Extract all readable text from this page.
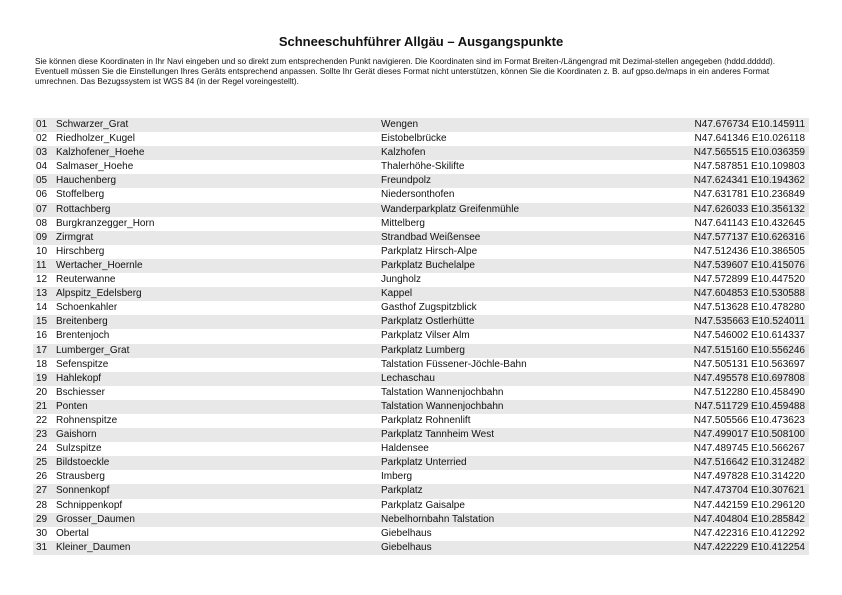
Schneeschuhführer Allgäu – Ausgangspunkte

Sie können diese Koordinaten in Ihr Navi eingeben und so direkt zum entsprechenden Punkt navigieren. Die Koordinaten sind im Format Breiten-/Längengrad mit Dezimal-stellen angegeben (hddd.ddddd).

Eventuell müssen Sie die Einstellungen Ihres Geräts entsprechend anpassen. Sollte Ihr Gerät dieses Format nicht unterstützen, können Sie die Koordinaten z. B. auf gpso.de/maps in ein anderes Format umrechnen. Das Bezugssystem ist WGS 84 (in der Regel voreingestellt).

01 Schwarzer_Grat	Wengen	N47.676734 E10.145911
02 Riedholzer_Kugel	Eistobelbrücke	N47.641346 E10.026118
03 Kalzhofener_Hoehe	Kalzhofen	N47.565515 E10.036359
04 Salmaser_Hoehe	Thalerhöhe-Skilifte	N47.587851 E10.109803
05 Hauchenberg	Freundpolz	N47.624341 E10.194362
06 Stoffelberg	Niedersonthofen	N47.631781 E10.236849
07 Rottachberg	Wanderparkplatz Greifenmühle	N47.626033 E10.356132
08 Burgkranzegger_Horn	Mittelberg	N47.641143 E10.432645
09 Zirmgrat	Strandbad Weißensee	N47.577137 E10.626316
10 Hirschberg	Parkplatz Hirsch-Alpe	N47.512436 E10.386505
11 Wertacher_Hoernle	Parkplatz Buchelalpe	N47.539607 E10.415076
12 Reuterwanne	Jungholz	N47.572899 E10.447520
13 Alpspitz_Edelsberg	Kappel	N47.604853 E10.530588
14 Schoenkahler	Gasthof Zugspitzblick	N47.513628 E10.478280
15 Breitenberg	Parkplatz Ostlerhütte	N47.535663 E10.524011
16 Brentenjoch	Parkplatz Vilser Alm	N47.546002 E10.614337
17 Lumberger_Grat	Parkplatz Lumberg	N47.515160 E10.556246
18 Sefenspitze	Talstation Füssener-Jöchle-Bahn	N47.505131 E10.563697
19 Hahlekopf	Lechaschau	N47.495578 E10.697808
20 Bschiesser	Talstation Wannenjochbahn	N47.512280 E10.458490
21 Ponten	Talstation Wannenjochbahn	N47.511729 E10.459488
22 Rohnenspitze	Parkplatz Rohnenlift	N47.505566 E10.473623
23 Gaishorn	Parkplatz Tannheim West	N47.499017 E10.508100
24 Sulzspitze	Haldensee	N47.489745 E10.566267
25 Bildstoeckle	Parkplatz Unterried	N47.516642 E10.312482
26 Strausberg	Imberg	N47.497828 E10.314220
27 Sonnenkopf	Parkplatz	N47.473704 E10.307621
28 Schnippenkopf	Parkplatz Gaisalpe	N47.442159 E10.296120
29 Grosser_Daumen	Nebelhornbahn Talstation	N47.404804 E10.285842
30 Obertal	Giebelhaus	N47.422316 E10.412292
31 Kleiner_Daumen	Giebelhaus	N47.422229 E10.412254
